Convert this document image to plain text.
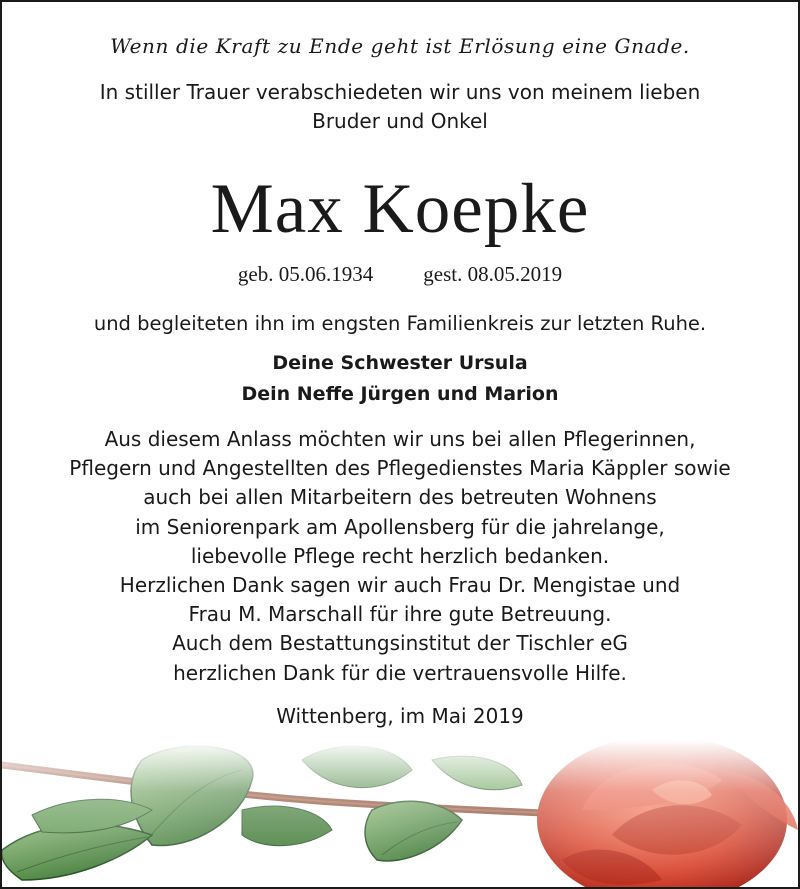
Wenn die Kraft zu Ende geht ist Erlösung eine Gnade.
In stiller Trauer verabschiedeten wir uns von meinem lieben
Bruder und Onkel
Max Koepke
geb. 05.06.1934 gest. 08.05.2019
und begleiteten ihn im engsten Familienkreis zur letzten Ruhe.
Deine Schwester Ursula
Dein Neffe Jürgen und Marion
Aus diesem Anlass möchten wir uns bei allen Pflegerinnen,
Pflegern und Angestellten des Pflegedienstes Maria Käppler sowie
auch bei allen Mitarbeitern des betreuten Wohnens
im Seniorenpark am Apollensberg für die jahrelange,
liebevolle Pflege recht herzlich bedanken.
Herzlichen Dank sagen wir auch Frau Dr. Mengistae und
Frau M. Marschall für ihre gute Betreuung.
Auch dem Bestattungsinstitut der Tischler eG
herzlichen Dank für die vertrauensvolle Hilfe.
Wittenberg, im Mai 2019
